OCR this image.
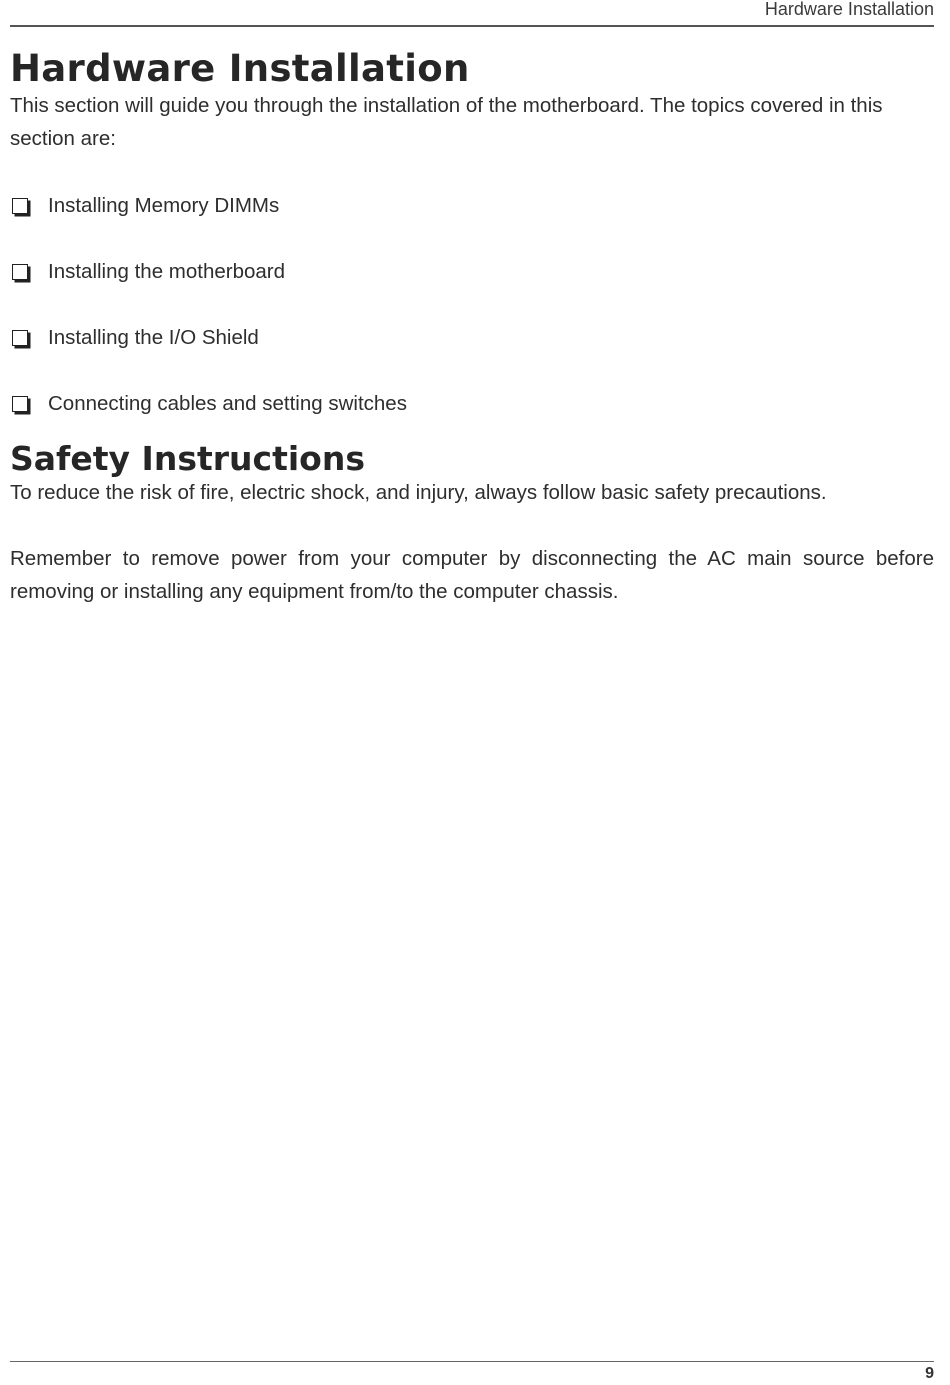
Hardware Installation
Hardware Installation

This section will guide you through the installation of the motherboard. The topics covered in this section are:

Installing Memory DIMMs
Installing the motherboard
Installing the I/O Shield
Connecting cables and setting switches
Safety Instructions

To reduce the risk of fire, electric shock, and injury, always follow basic safety precautions.

Remember to remove power from your computer by disconnecting the AC main source before removing or installing any equipment from/to the computer chassis.

9
